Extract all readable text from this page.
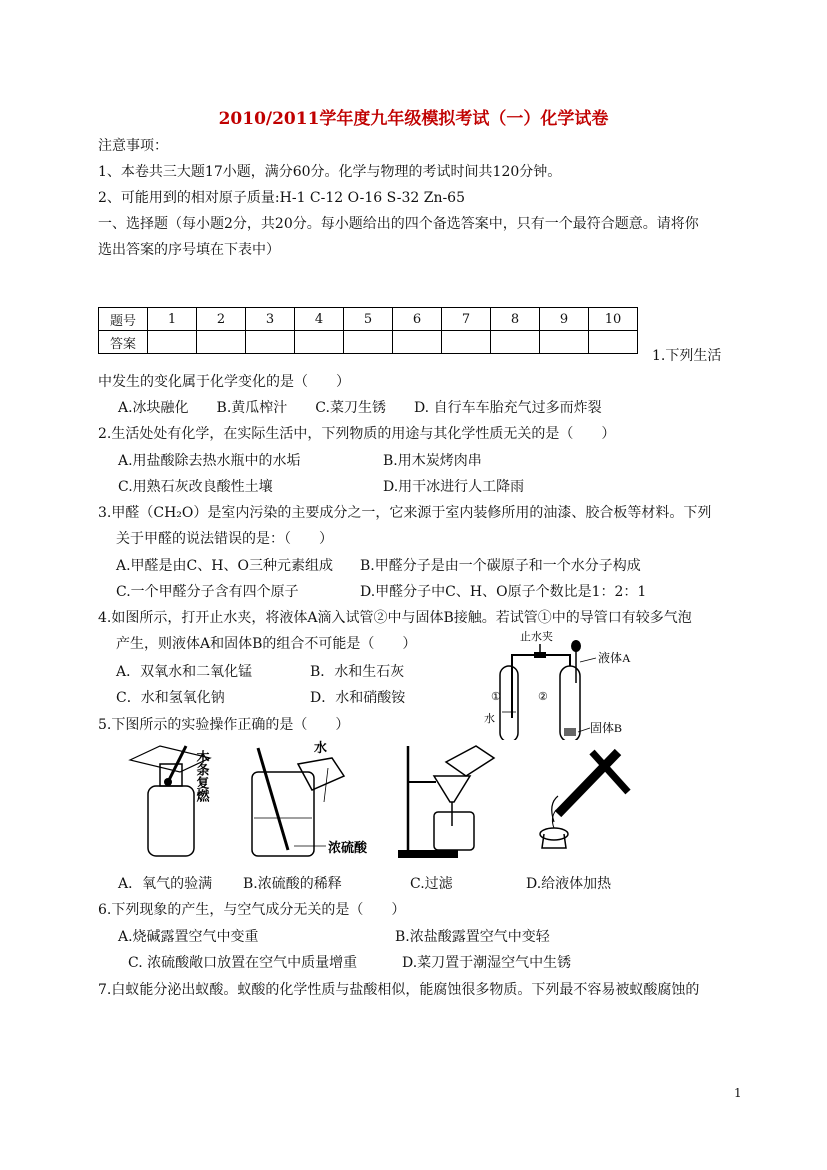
2010/2011学年度九年级模拟考试（一）化学试卷
注意事项：
1、本卷共三大题17小题，满分60分。化学与物理的考试时间共120分钟。
2、可能用到的相对原子质量:H-1 C-12 O-16 S-32 Zn-65
一、选择题（每小题2分，共20分。每小题给出的四个备选答案中，只有一个最符合题意。请将你
选出答案的序号填在下表中）
题号	1	2	3	4	5	6	7	8	9	10
答案										
1.下列生活
中发生的变化属于化学变化的是（　　）
A.冰块融化　　B.黄瓜榨汁　　C.菜刀生锈　　D. 自行车车胎充气过多而炸裂
2.生活处处有化学，在实际生活中，下列物质的用途与其化学性质无关的是（　　）
A.用盐酸除去热水瓶中的水垢	B.用木炭烤肉串
C.用熟石灰改良酸性土壤	D.用干冰进行人工降雨
3.甲醛（CH₂O）是室内污染的主要成分之一，它来源于室内装修所用的油漆、胶合板等材料。下列
关于甲醛的说法错误的是：（　　）
A.甲醛是由C、H、O三种元素组成 B.甲醛分子是由一个碳原子和一个水分子构成
C.一个甲醛分子含有四个原子	D.甲醛分子中C、H、O原子个数比是1：2：1
4.如图所示，打开止水夹，将液体A滴入试管②中与固体B接触。若试管①中的导管口有较多气泡
产生，则液体A和固体B的组合不可能是（　　）
A．双氧水和二氧化锰	B．水和生石灰
C．水和氢氧化钠	D．水和硝酸铵
止水夹
①
水
②
液体A
固体B
5.下图所示的实验操作正确的是（　　）
木条复燃
水
浓硫酸
A．氧气的验满 B.浓硫酸的稀释	C.过滤	D.给液体加热
6.下列现象的产生，与空气成分无关的是（　　）
A.烧碱露置空气中变重	B.浓盐酸露置空气中变轻
C. 浓硫酸敞口放置在空气中质量增重	D.菜刀置于潮湿空气中生锈
7.白蚁能分泌出蚁酸。蚁酸的化学性质与盐酸相似，能腐蚀很多物质。下列最不容易被蚁酸腐蚀的
1
